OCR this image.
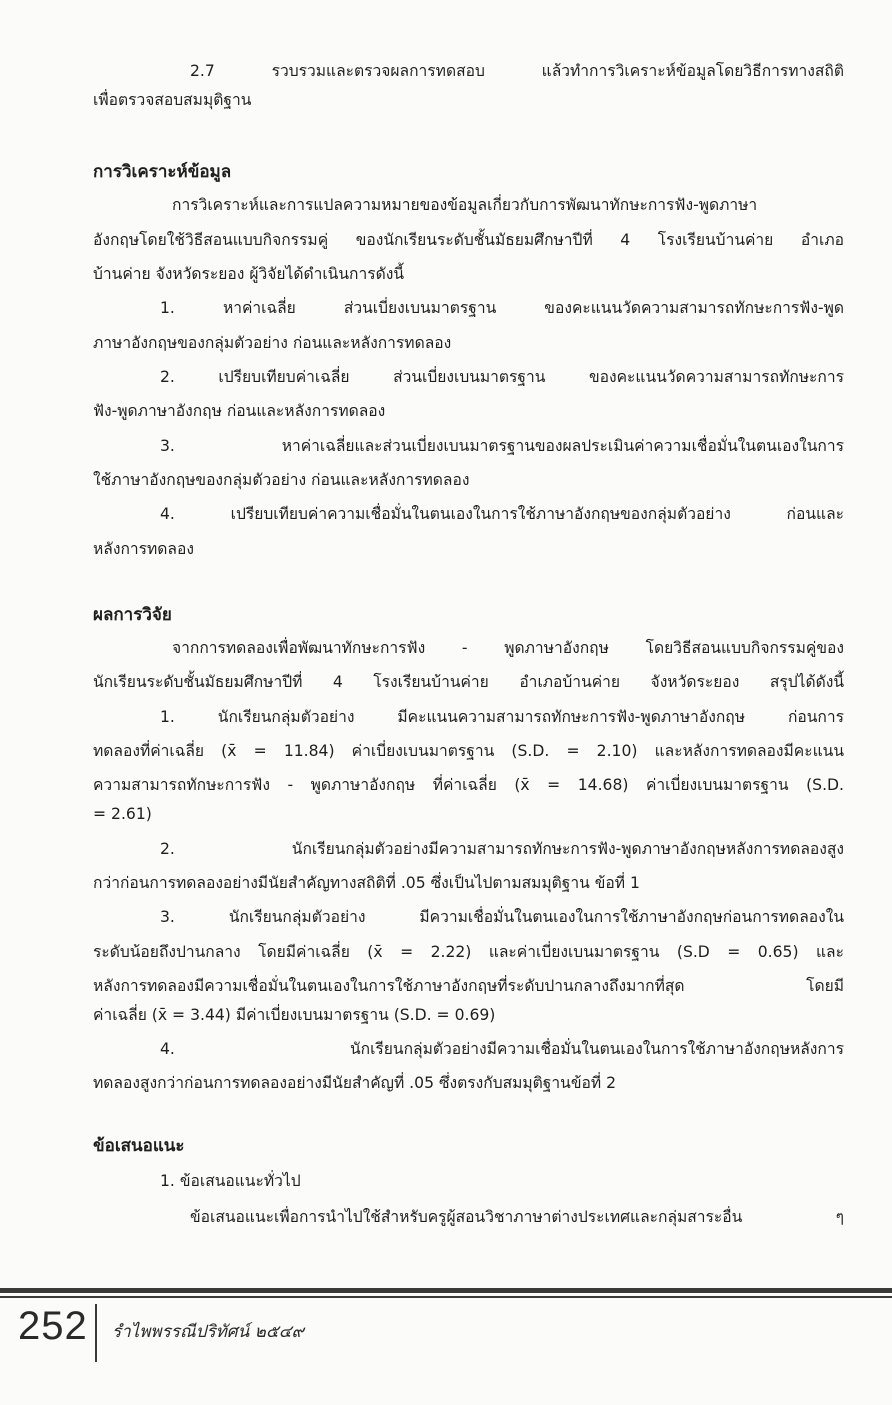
2.7 รวบรวมและตรวจผลการทดสอบ แล้วทำการวิเคราะห์ข้อมูลโดยวิธีการทางสถิติ
เพื่อตรวจสอบสมมุติฐาน
การวิเคราะห์ข้อมูล
การวิเคราะห์และการแปลความหมายของข้อมูลเกี่ยวกับการพัฒนาทักษะการฟัง-พูดภาษา
อังกฤษโดยใช้วิธีสอนแบบกิจกรรมคู่ ของนักเรียนระดับชั้นมัธยมศึกษาปีที่ 4 โรงเรียนบ้านค่าย อำเภอ
บ้านค่าย จังหวัดระยอง ผู้วิจัยได้ดำเนินการดังนี้
1. หาค่าเฉลี่ย ส่วนเบี่ยงเบนมาตรฐาน ของคะแนนวัดความสามารถทักษะการฟัง-พูด
ภาษาอังกฤษของกลุ่มตัวอย่าง ก่อนและหลังการทดลอง
2. เปรียบเทียบค่าเฉลี่ย ส่วนเบี่ยงเบนมาตรฐาน ของคะแนนวัดความสามารถทักษะการ
ฟัง-พูดภาษาอังกฤษ ก่อนและหลังการทดลอง
3. หาค่าเฉลี่ยและส่วนเบี่ยงเบนมาตรฐานของผลประเมินค่าความเชื่อมั่นในตนเองในการ
ใช้ภาษาอังกฤษของกลุ่มตัวอย่าง ก่อนและหลังการทดลอง
4. เปรียบเทียบค่าความเชื่อมั่นในตนเองในการใช้ภาษาอังกฤษของกลุ่มตัวอย่าง ก่อนและ
หลังการทดลอง
ผลการวิจัย
จากการทดลองเพื่อพัฒนาทักษะการฟัง - พูดภาษาอังกฤษ โดยวิธีสอนแบบกิจกรรมคู่ของ
นักเรียนระดับชั้นมัธยมศึกษาปีที่ 4 โรงเรียนบ้านค่าย อำเภอบ้านค่าย จังหวัดระยอง สรุปได้ดังนี้
1. นักเรียนกลุ่มตัวอย่าง มีคะแนนความสามารถทักษะการฟัง-พูดภาษาอังกฤษ ก่อนการ
ทดลองที่ค่าเฉลี่ย (x̄ = 11.84) ค่าเบี่ยงเบนมาตรฐาน (S.D. = 2.10) และหลังการทดลองมีคะแนน
ความสามารถทักษะการฟัง - พูดภาษาอังกฤษ ที่ค่าเฉลี่ย (x̄ = 14.68) ค่าเบี่ยงเบนมาตรฐาน (S.D.
= 2.61)
2. นักเรียนกลุ่มตัวอย่างมีความสามารถทักษะการฟัง-พูดภาษาอังกฤษหลังการทดลองสูง
กว่าก่อนการทดลองอย่างมีนัยสำคัญทางสถิติที่ .05 ซึ่งเป็นไปตามสมมุติฐาน ข้อที่ 1
3. นักเรียนกลุ่มตัวอย่าง มีความเชื่อมั่นในตนเองในการใช้ภาษาอังกฤษก่อนการทดลองใน
ระดับน้อยถึงปานกลาง โดยมีค่าเฉลี่ย (x̄ = 2.22) และค่าเบี่ยงเบนมาตรฐาน (S.D = 0.65) และ
หลังการทดลองมีความเชื่อมั่นในตนเองในการใช้ภาษาอังกฤษที่ระดับปานกลางถึงมากที่สุด โดยมี
ค่าเฉลี่ย (x̄ = 3.44) มีค่าเบี่ยงเบนมาตรฐาน (S.D. = 0.69)
4. นักเรียนกลุ่มตัวอย่างมีความเชื่อมั่นในตนเองในการใช้ภาษาอังกฤษหลังการ
ทดลองสูงกว่าก่อนการทดลองอย่างมีนัยสำคัญที่ .05 ซึ่งตรงกับสมมุติฐานข้อที่ 2
ข้อเสนอแนะ
1. ข้อเสนอแนะทั่วไป
ข้อเสนอแนะเพื่อการนำไปใช้สำหรับครูผู้สอนวิชาภาษาต่างประเทศและกลุ่มสาระอื่น ๆ
252 รำไพพรรณีปริทัศน์ ๒๕๔๙
